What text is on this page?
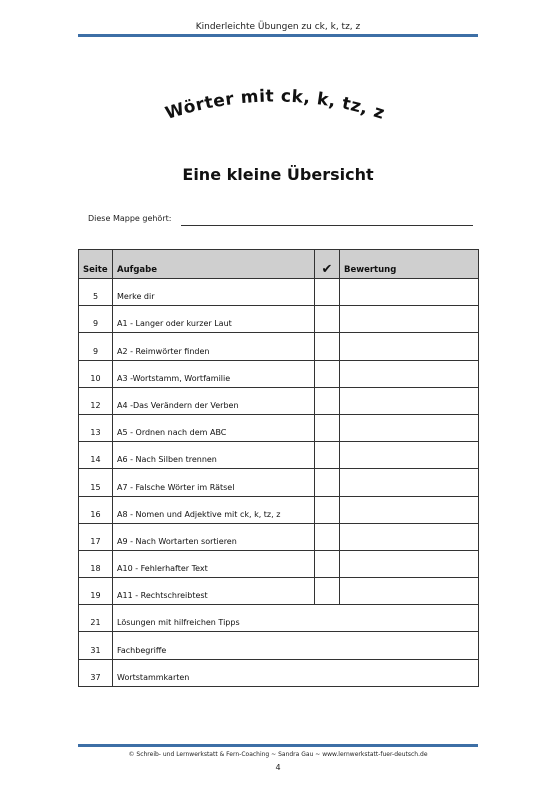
Kinderleichte Übungen zu ck, k, tz, z
Wörter mit ck, k, tz, z
Eine kleine Übersicht
Diese Mappe gehört:
Seite	Aufgabe	✔	Bewertung
5	Merke dir		
9	A1 - Langer oder kurzer Laut		
9	A2 - Reimwörter finden		
10	A3 -Wortstamm, Wortfamilie		
12	A4 -Das Verändern der Verben		
13	A5 - Ordnen nach dem ABC		
14	A6 - Nach Silben trennen		
15	A7 - Falsche Wörter im Rätsel		
16	A8 - Nomen und Adjektive mit ck, k, tz, z		
17	A9 - Nach Wortarten sortieren		
18	A10 - Fehlerhafter Text		
19	A11 - Rechtschreibtest		
21	Lösungen mit hilfreichen Tipps		
31	Fachbegriffe		
37	Wortstammkarten		
© Schreib- und Lernwerkstatt & Fern-Coaching ~ Sandra Gau ~ www.lernwerkstatt-fuer-deutsch.de
4
